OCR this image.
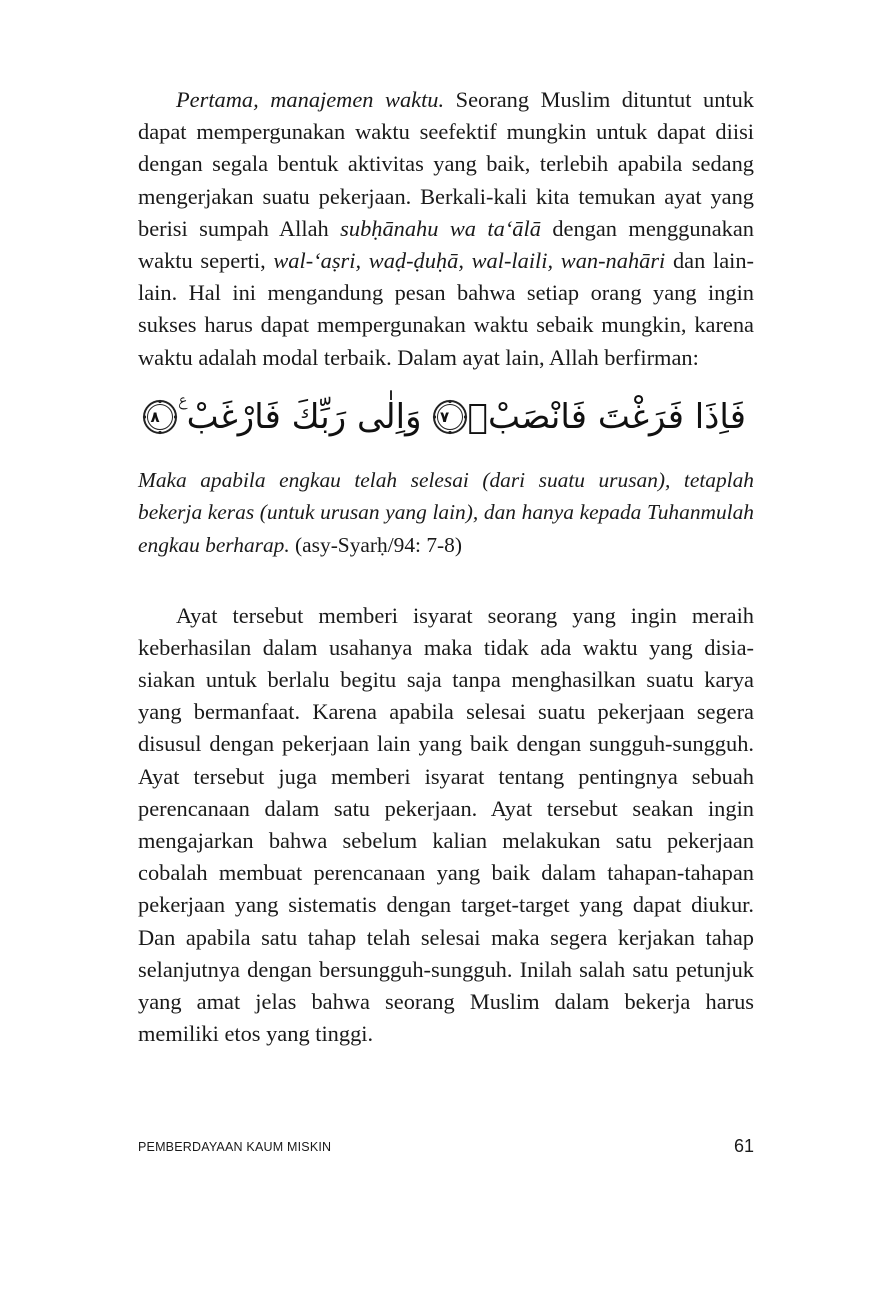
Pertama, manajemen waktu. Seorang Muslim dituntut untuk dapat mempergunakan waktu seefektif mungkin untuk dapat diisi dengan segala bentuk aktivitas yang baik, terlebih apabila sedang mengerjakan suatu pekerjaan. Berkali-kali kita temukan ayat yang berisi sumpah Allah subḥānahu wa ta‘ālā dengan menggunakan waktu seperti, wal-‘aṣri, waḍ-ḍuḥā, wal-laili, wan-nahāri dan lain-lain. Hal ini mengandung pesan bahwa setiap orang yang ingin sukses harus dapat mempergunakan waktu sebaik mungkin, karena waktu adalah modal terbaik. Dalam ayat lain, Allah berfirman:

فَاِذَا فَرَغْتَ فَانْصَبْۙ
٧
وَاِلٰى رَبِّكَ فَارْغَبْ ࣖ
٨

Maka apabila engkau telah selesai (dari suatu urusan), tetaplah bekerja keras (untuk urusan yang lain), dan hanya kepada Tuhanmulah engkau berharap. (asy-Syarḥ/94: 7-8)

Ayat tersebut memberi isyarat seorang yang ingin meraih keberhasilan dalam usahanya maka tidak ada waktu yang disia-siakan untuk berlalu begitu saja tanpa menghasilkan suatu karya yang bermanfaat. Karena apabila selesai suatu pekerjaan segera disusul dengan pekerjaan lain yang baik dengan sungguh-sungguh. Ayat tersebut juga memberi isyarat tentang pentingnya sebuah perencanaan dalam satu pekerjaan. Ayat tersebut seakan ingin mengajarkan bahwa sebelum kalian melakukan satu pekerjaan cobalah membuat perencanaan yang baik dalam tahapan-tahapan pekerjaan yang sistematis dengan target-target yang dapat diukur. Dan apabila satu tahap telah selesai maka segera kerjakan tahap selanjutnya dengan bersungguh-sungguh. Inilah salah satu petunjuk yang amat jelas bahwa seorang Muslim dalam bekerja harus memiliki etos yang tinggi.

PEMBERDAYAAN KAUM MISKIN	61
